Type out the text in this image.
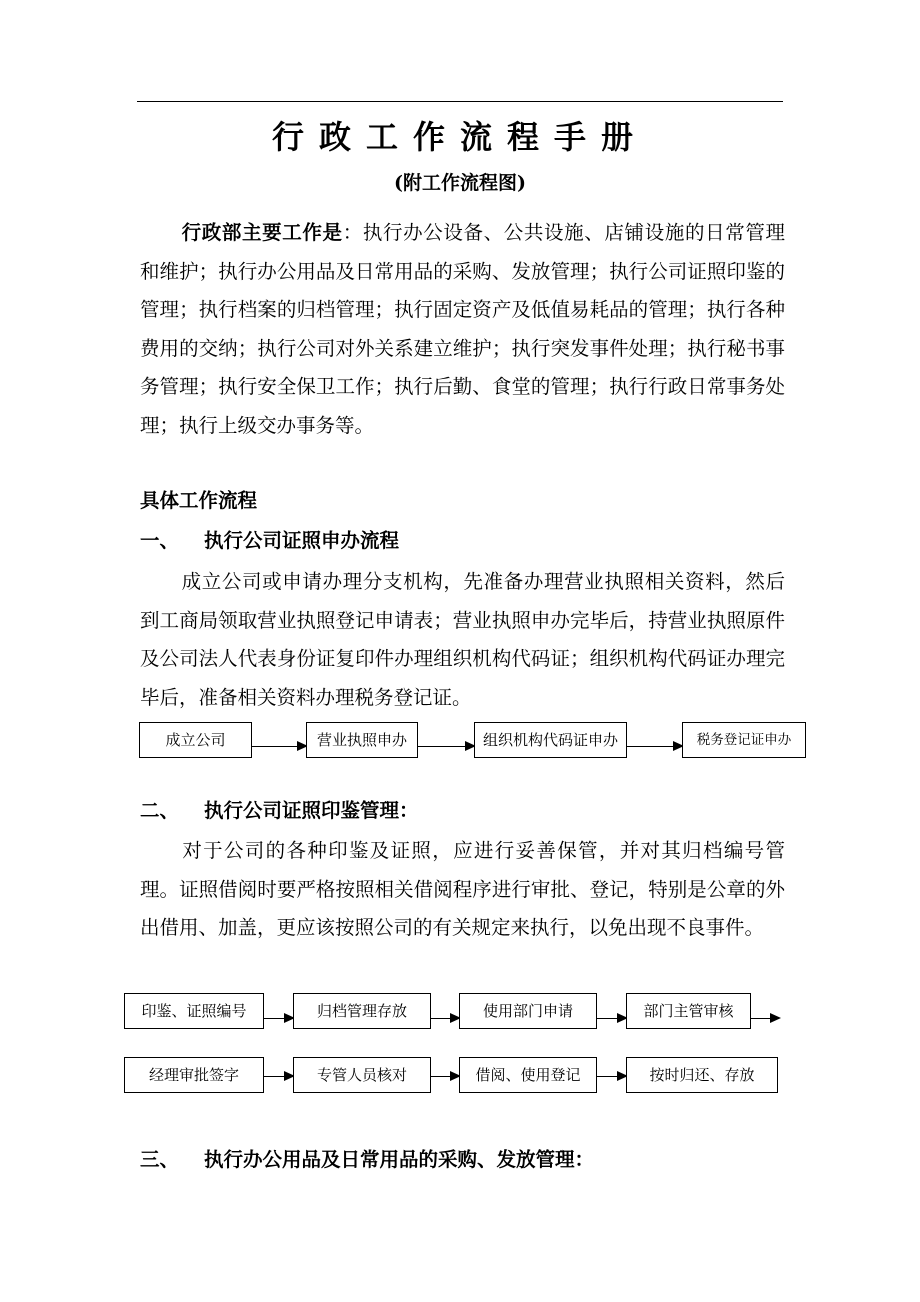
行政工作流程手册
(附工作流程图)

行政部主要工作是：执行办公设备、公共设施、店铺设施的日常管理和维护；执行办公用品及日常用品的采购、发放管理；执行公司证照印鉴的管理；执行档案的归档管理；执行固定资产及低值易耗品的管理；执行各种费用的交纳；执行公司对外关系建立维护；执行突发事件处理；执行秘书事务管理；执行安全保卫工作；执行后勤、食堂的管理；执行行政日常事务处理；执行上级交办事务等。

具体工作流程
一、 执行公司证照申办流程

成立公司或申请办理分支机构，先准备办理营业执照相关资料，然后到工商局领取营业执照登记申请表；营业执照申办完毕后，持营业执照原件及公司法人代表身份证复印件办理组织机构代码证；组织机构代码证办理完毕后，准备相关资料办理税务登记证。

成立公司	营业执照申办	组织机构代码证申办	税务登记证申办
二、 执行公司证照印鉴管理：

对于公司的各种印鉴及证照，应进行妥善保管，并对其归档编号管理。证照借阅时要严格按照相关借阅程序进行审批、登记，特别是公章的外出借用、加盖，更应该按照公司的有关规定来执行，以免出现不良事件。

印鉴、证照编号	归档管理存放	使用部门申请	部门主管审核
经理审批签字	专管人员核对	借阅、使用登记	按时归还、存放
三、 执行办公用品及日常用品的采购、发放管理：
